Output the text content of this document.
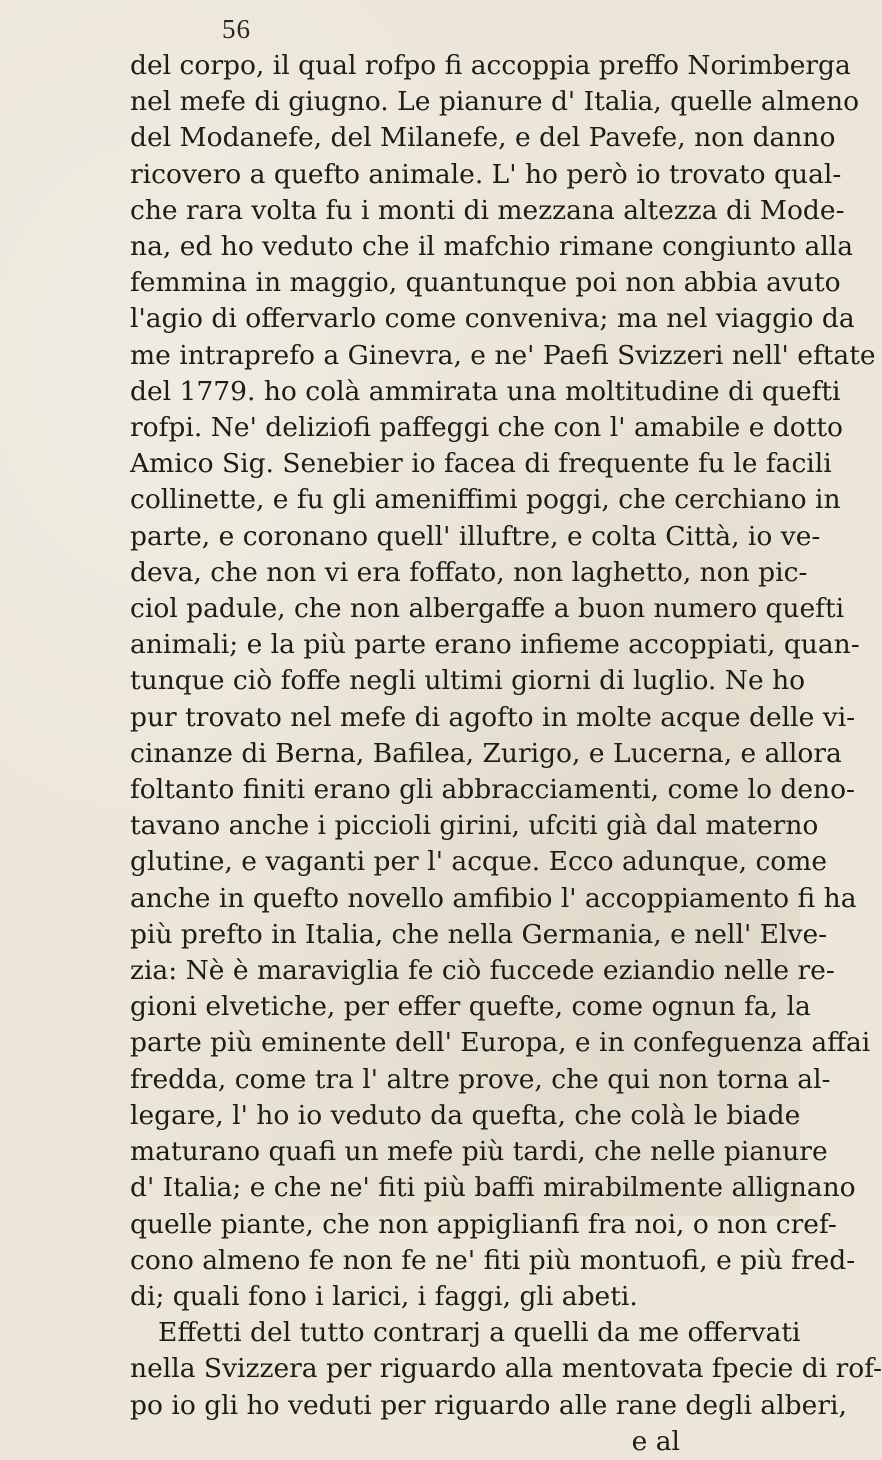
56
del corpo, il qual rofpo fi accoppia preffo Norimberga
nel mefe di giugno. Le pianure d' Italia, quelle almeno
del Modanefe, del Milanefe, e del Pavefe, non danno
ricovero a quefto animale. L' ho però io trovato qual-
che rara volta fu i monti di mezzana altezza di Mode-
na, ed ho veduto che il mafchio rimane congiunto alla
femmina in maggio, quantunque poi non abbia avuto
l'agio di offervarlo come conveniva; ma nel viaggio da
me intraprefo a Ginevra, e ne' Paefi Svizzeri nell' eftate
del 1779. ho colà ammirata una moltitudine di quefti
rofpi. Ne' deliziofi paffeggi che con l' amabile e dotto
Amico Sig. Senebier io facea di frequente fu le facili
collinette, e fu gli ameniffimi poggi, che cerchiano in
parte, e coronano quell' illuftre, e colta Città, io ve-
deva, che non vi era foffato, non laghetto, non pic-
ciol padule, che non albergaffe a buon numero quefti
animali; e la più parte erano infieme accoppiati, quan-
tunque ciò foffe negli ultimi giorni di luglio. Ne ho
pur trovato nel mefe di agofto in molte acque delle vi-
cinanze di Berna, Bafilea, Zurigo, e Lucerna, e allora
foltanto finiti erano gli abbracciamenti, come lo deno-
tavano anche i piccioli girini, ufciti già dal materno
glutine, e vaganti per l' acque. Ecco adunque, come
anche in quefto novello amfibio l' accoppiamento fi ha
più prefto in Italia, che nella Germania, e nell' Elve-
zia: Nè è maraviglia fe ciò fuccede eziandio nelle re-
gioni elvetiche, per effer quefte, come ognun fa, la
parte più eminente dell' Europa, e in confeguenza affai
fredda, come tra l' altre prove, che qui non torna al-
legare, l' ho io veduto da quefta, che colà le biade
maturano quafi un mefe più tardi, che nelle pianure
d' Italia; e che ne' fiti più baffi mirabilmente allignano
quelle piante, che non appiglianfi fra noi, o non cref-
cono almeno fe non fe ne' fiti più montuofi, e più fred-
di; quali fono i larici, i faggi, gli abeti.
Effetti del tutto contrarj a quelli da me offervati
nella Svizzera per riguardo alla mentovata fpecie di rof-
po io gli ho veduti per riguardo alle rane degli alberi,
e al
